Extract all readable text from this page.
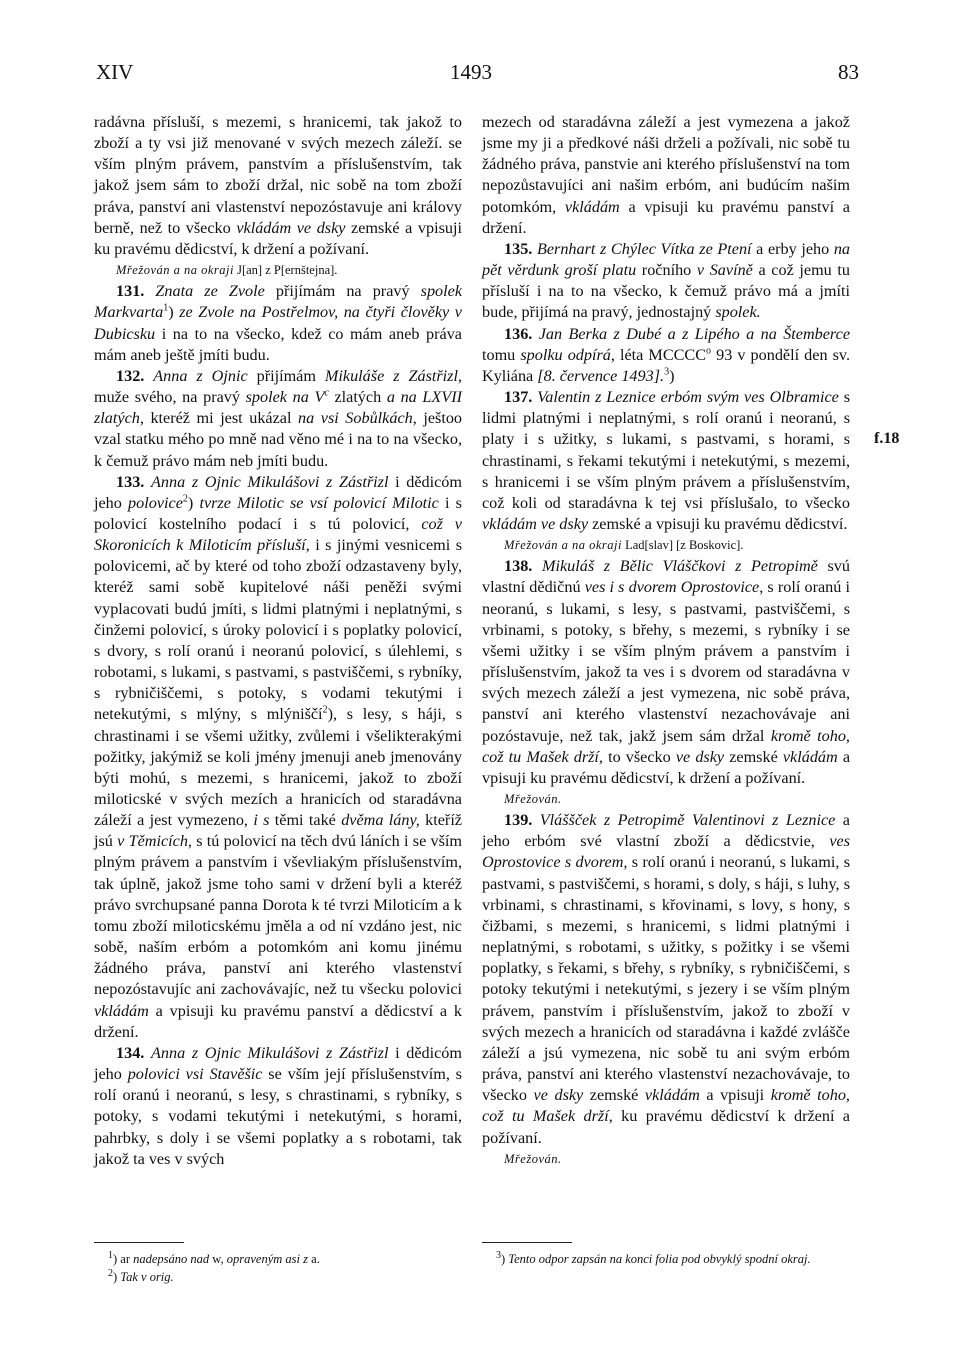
XIV	1493	83

radávna přísluší, s mezemi, s hranicemi, tak jakož to zboží a ty vsi již menované v svých mezech záleží. se vším plným právem, panstvím a příslušenstvím, tak jakož jsem sám to zboží držal, nic sobě na tom zboží práva, panství ani vlastenství nepozóstavuje ani královy berně, než to všecko vkládám ve dsky zemské a vpisuji ku pravému dědicství, k držení a požívaní.

Mřežován a na okraji J[an] z P[ernštejna].

131. Znata ze Zvole přijímám na pravý spolek Markvarta$^1$) ze Zvole na Postřelmov, na čtyři člověky v Dubicsku i na to na všecko, kdež co mám aneb práva mám aneb ještě jmíti budu.

132. Anna z Ojnic přijímám Mikuláše z Zástřizl, muže svého, na pravý spolek na $V^c$ zlatých a na LXVII zlatých, kteréž mi jest ukázal na vsi Sobůlkách, ještoo vzal statku mého po mně nad věno mé i na to na všecko, k čemuž právo mám neb jmíti budu.

133. Anna z Ojnic Mikulášovi z Zástřizl i dědicóm jeho polovice$^2$) tvrze Milotic se vsí polovicí Milotic i s polovicí kostelního podací i s tú polovicí, což v Skoronicích k Miloticím přísluší, i s jinými vesnicemi s polovicemi, ač by které od toho zboží odzastaveny byly, kteréž sami sobě kupitelové náši peněži svými vyplacovati budú jmíti, s lidmi platnými i neplatnými, s činžemi polovicí, s úroky polovicí i s poplatky polovicí, s dvory, s rolí oranú i neoranú polovicí, s úlehlemi, s robotami, s lukami, s pastvami, s pastviščemi, s rybníky, s rybničiščemi, s potoky, s vodami tekutými i netekutými, s mlýny, s mlýniščí$^2$), s lesy, s háji, s chrastinami i se všemi užitky, zvůlemi i všelikterakými požitky, jakýmiž se koli jmény jmenuji aneb jmenovány býti mohú, s mezemi, s hranicemi, jakož to zboží miloticské v svých mezích a hranicích od staradávna záleží a jest vymezeno, i s těmi také dvěma lány, kteříž jsú v Těmicích, s tú polovicí na těch dvú láních i se vším plným právem a panstvím i vševliakým příslušenstvím, tak úplně, jakož jsme toho sami v držení byli a kteréž právo svrchupsané panna Dorota k té tvrzi Miloticím a k tomu zboží miloticskému jměla a od ní vzdáno jest, nic sobě, naším erbóm a potomkóm ani komu jinému žádného práva, panství ani kterého vlastenství nepozóstavujíc ani zachovávajíc, než tu všecku polovici vkládám a vpisuji ku pravému panství a dědicství a k držení.

134. Anna z Ojnic Mikulášovi z Zástřizl i dědicóm jeho polovici vsi Stavěšic se vším její příslušenstvím, s rolí oranú i neoranú, s lesy, s chrastinami, s rybníky, s potoky, s vodami tekutými i netekutými, s horami, pahrbky, s doly i se všemi poplatky a s robotami, tak jakož ta ves v svých

mezech od staradávna záleží a jest vymezena a jakož jsme my ji a předkové náši drželi a požívali, nic sobě tu žádného práva, panstvie ani kterého příslušenství na tom nepozůstavujíci ani našim erbóm, ani budúcím našim potomkóm, vkládám a vpisuji ku pravému panství a držení.

135. Bernhart z Chýlec Vítka ze Ptení a erby jeho na pět věrdunk groší platu ročního v Savíně a což jemu tu přísluší i na to na všecko, k čemuž právo má a jmíti bude, přijímá na pravý, jednostajný spolek.

136. Jan Berka z Dubé a z Lipého a na Štemberce tomu spolku odpírá, léta MCCCC$^o$ 93 v pondělí den sv. Kyliána [8. července 1493].$^3$)

137. Valentin z Leznice erbóm svým ves Olbramice s lidmi platnými i neplatnými, s rolí oranú i neoranú, s platy i s užitky, s lukami, s pastvami, s horami, s chrastinami, s řekami tekutými i netekutými, s mezemi, s hranicemi i se vším plným právem a příslušenstvím, což koli od staradávna k tej vsi příslušalo, to všecko vkládám ve dsky zemské a vpisuji ku pravému dědicství.

Mřežován a na okraji Lad[slav] [z Boskovic].

138. Mikuláš z Bělic Vláščkovi z Petropimě svú vlastní dědičnú ves i s dvorem Oprostovice, s rolí oranú i neoranú, s lukami, s lesy, s pastvami, pastviščemi, s vrbinami, s potoky, s břehy, s mezemi, s rybníky i se všemi užitky i se vším plným právem a panstvím i příslušenstvím, jakož ta ves i s dvorem od staradávna v svých mezech záleží a jest vymezena, nic sobě práva, panství ani kterého vlastenství nezachovávaje ani pozóstavuje, než tak, jakž jsem sám držal kromě toho, což tu Mašek drží, to všecko ve dsky zemské vkládám a vpisuji ku pravému dědicství, k držení a požívaní.

Mřežován.

139. Vláššček z Petropimě Valentinovi z Leznice a jeho erbóm své vlastní zboží a dědicstvie, ves Oprostovice s dvorem, s rolí oranú i neoranú, s lukami, s pastvami, s pastviščemi, s horami, s doly, s háji, s luhy, s vrbinami, s chrastinami, s křovinami, s lovy, s hony, s čižbami, s mezemi, s hranicemi, s lidmi platnými i neplatnými, s robotami, s užitky, s požitky i se všemi poplatky, s řekami, s břehy, s rybníky, s rybničiščemi, s potoky tekutými i netekutými, s jezery i se vším plným právem, panstvím i příslušenstvím, jakož to zboží v svých mezech a hranicích od staradávna i každé zvlášče záleží a jsú vymezena, nic sobě tu ani svým erbóm práva, panství ani kterého vlastenství nezachovávaje, to všecko ve dsky zemské vkládám a vpisuji kromě toho, což tu Mašek drží, ku pravému dědicství k držení a požívaní.

Mřežován.

f.18
$^1$) ar nadepsáno nad w, opraveným asi z a.
$^2$) Tak v orig.
$^3$) Tento odpor zapsán na konci folia pod obvyklý spodní okraj.
